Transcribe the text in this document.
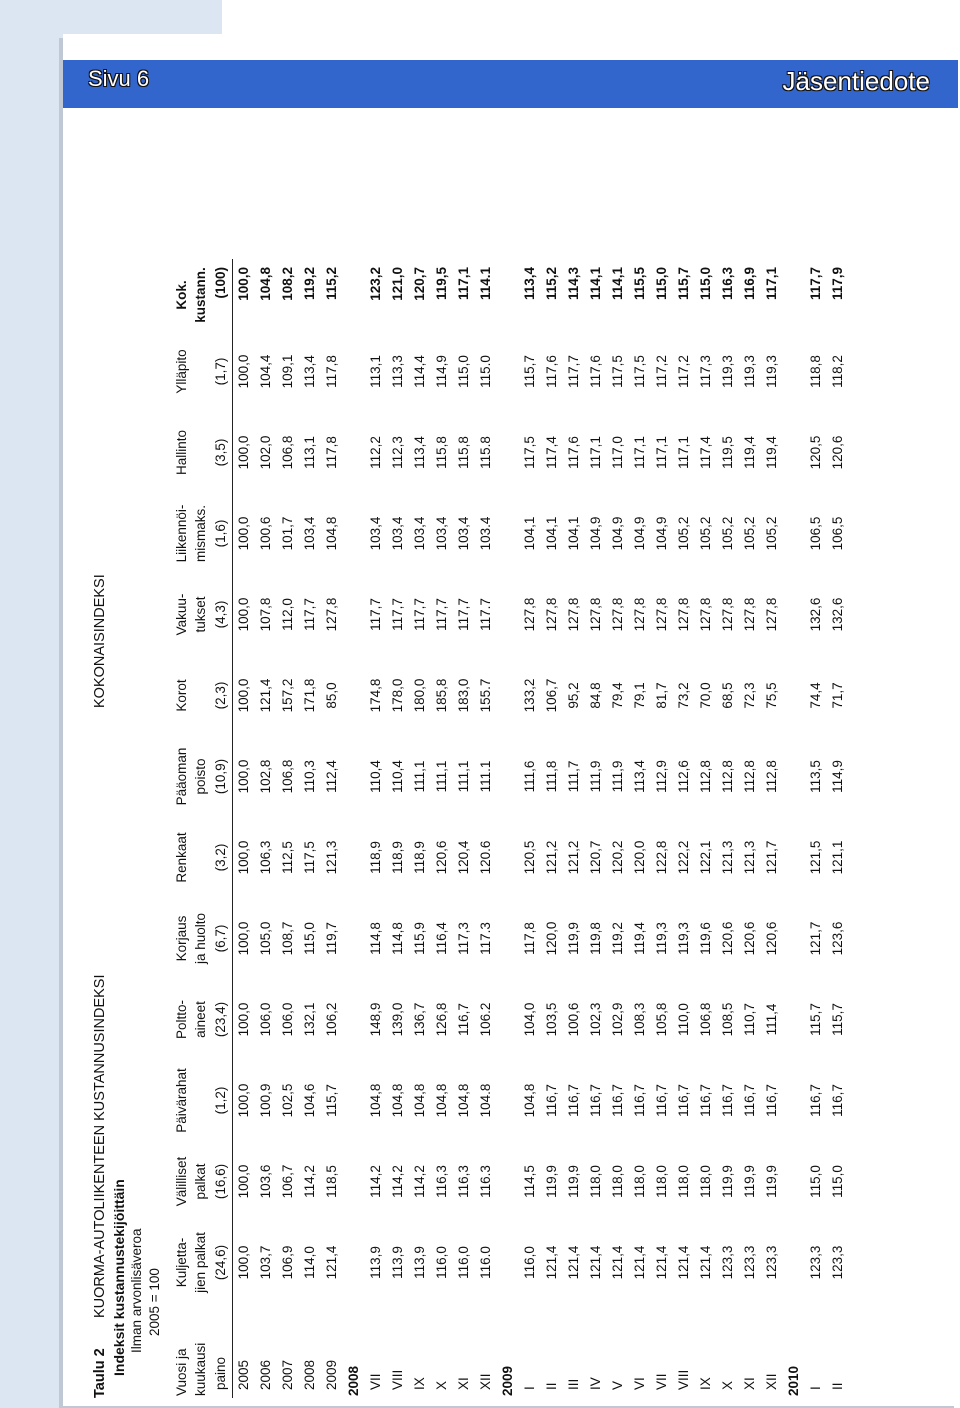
Sivu 6	Jäsentiedote
Taulu 2
KUORMA-AUTOLIIKENTEEN KUSTANNUSINDEKSI
KOKONAISINDEKSI
Indeksit kustannustekijöittäin Ilman arvonlisäveroa 2005 = 100
Vuosi ja	Kuljetta-	Välilliset	Päivärahat	Poltto-	Korjaus	Renkaat	Pääoman	Korot	Vakuu-	Liikennöi-	Hallinto	Ylläpito	Kok.
kuukausi	jien palkat	palkat		aineet	ja huolto		poisto		tukset	mismaks.			kustann.
paino	(24,6)	(16,6)	(1,2)	(23,4)	(6,7)	(3,2)	(10,9)	(2,3)	(4,3)	(1,6)	(3,5)	(1,7)	(100)
2005	100,0	100,0	100,0	100,0	100,0	100,0	100,0	100,0	100,0	100,0	100,0	100,0	100,0
2006	103,7	103,6	100,9	106,0	105,0	106,3	102,8	121,4	107,8	100,6	102,0	104,4	104,8
2007	106,9	106,7	102,5	106,0	108,7	112,5	106,8	157,2	112,0	101,7	106,8	109,1	108,2
2008	114,0	114,2	104,6	132,1	115,0	117,5	110,3	171,8	117,7	103,4	113,1	113,4	119,2
2009	121,4	118,5	115,7	106,2	119,7	121,3	112,4	85,0	127,8	104,8	117,8	117,8	115,2
2008													
VII	113,9	114,2	104,8	148,9	114,8	118,9	110,4	174,8	117,7	103,4	112,2	113,1	123,2
VIII	113,9	114,2	104,8	139,0	114,8	118,9	110,4	178,0	117,7	103,4	112,3	113,3	121,0
IX	113,9	114,2	104,8	136,7	115,9	118,9	111,1	180,0	117,7	103,4	113,4	114,4	120,7
X	116,0	116,3	104,8	126,8	116,4	120,6	111,1	185,8	117,7	103,4	115,8	114,9	119,5
XI	116,0	116,3	104,8	116,7	117,3	120,4	111,1	183,0	117,7	103,4	115,8	115,0	117,1
XII	116.0	116.3	104.8	106.2	117.3	120.6	111.1	155.7	117.7	103.4	115.8	115.0	114.1
2009													
I	116,0	114,5	104,8	104,0	117,8	120,5	111,6	133,2	127,8	104,1	117,5	115,7	113,4
II	121,4	119,9	116,7	103,5	120,0	121,2	111,8	106,7	127,8	104,1	117,4	117,6	115,2
III	121,4	119,9	116,7	100,6	119,9	121,2	111,7	95,2	127,8	104,1	117,6	117,7	114,3
IV	121,4	118,0	116,7	102,3	119,8	120,7	111,9	84,8	127,8	104,9	117,1	117,6	114,1
V	121,4	118,0	116,7	102,9	119,2	120,2	111,9	79,4	127,8	104,9	117,0	117,5	114,1
VI	121,4	118,0	116,7	108,3	119,4	120,0	113,4	79,1	127,8	104,9	117,1	117,5	115,5
VII	121,4	118,0	116,7	105,8	119,3	122,8	112,9	81,7	127,8	104,9	117,1	117,2	115,0
VIII	121,4	118,0	116,7	110,0	119,3	122,2	112,6	73,2	127,8	105,2	117,1	117,2	115,7
IX	121,4	118,0	116,7	106,8	119,6	122,1	112,8	70,0	127,8	105,2	117,4	117,3	115,0
X	123,3	119,9	116,7	108,5	120,6	121,3	112,8	68,5	127,8	105,2	119,5	119,3	116,3
XI	123,3	119,9	116,7	110,7	120,6	121,3	112,8	72,3	127,8	105,2	119,4	119,3	116,9
XII	123,3	119,9	116,7	111,4	120,6	121,7	112,8	75,5	127,8	105,2	119,4	119,3	117,1
2010													
I	123,3	115,0	116,7	115,7	121,7	121,5	113,5	74,4	132,6	106,5	120,5	118,8	117,7
II	123,3	115,0	116,7	115,7	123,6	121,1	114,9	71,7	132,6	106,5	120,6	118,2	117,9
